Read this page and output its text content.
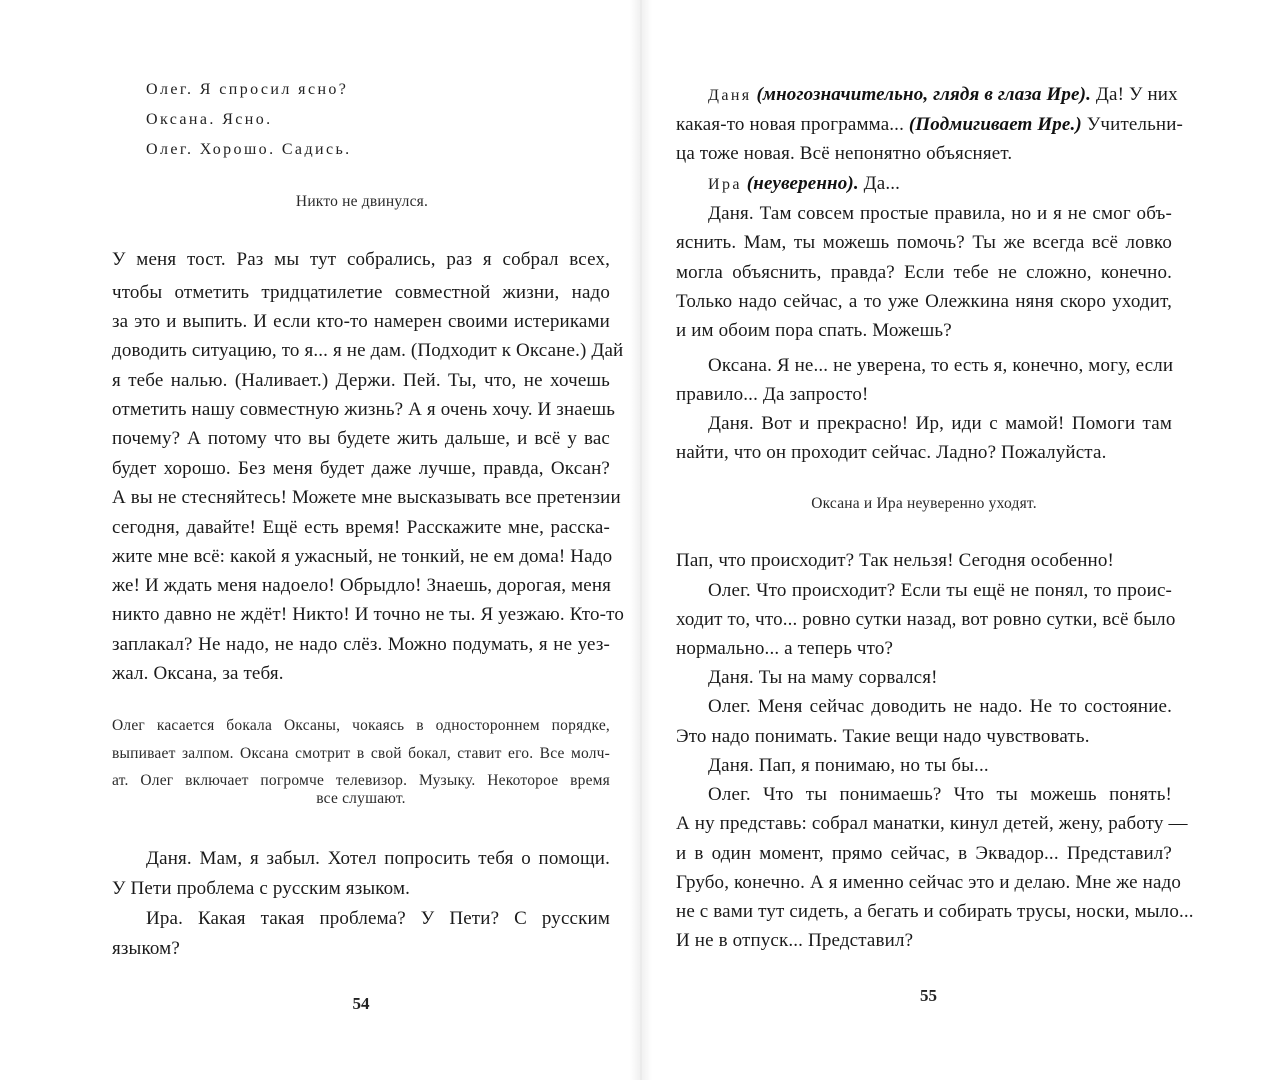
Олег. Я спросил ясно?

Оксана. Ясно.

Олег. Хорошо. Садись.

Никто не двинулся.

У меня тост. Раз мы тут собрались, раз я собрал всех,

чтобы отметить тридцатилетие совместной жизни, надо

за это и выпить. И если кто-то намерен своими истериками

доводить ситуацию, то я... я не дам. (Подходит к Оксане.) Дай

я тебе налью. (Наливает.) Держи. Пей. Ты, что, не хочешь

отметить нашу совместную жизнь? А я очень хочу. И знаешь

почему? А потому что вы будете жить дальше, и всё у вас

будет хорошо. Без меня будет даже лучше, правда, Оксан?

А вы не стесняйтесь! Можете мне высказывать все претензии

сегодня, давайте! Ещё есть время! Расскажите мне, расска-

жите мне всё: какой я ужасный, не тонкий, не ем дома! Надо

же! И ждать меня надоело! Обрыдло! Знаешь, дорогая, меня

никто давно не ждёт! Никто! И точно не ты. Я уезжаю. Кто-то

заплакал? Не надо, не надо слёз. Можно подумать, я не уез-

жал. Оксана, за тебя.

Олег касается бокала Оксаны, чокаясь в одностороннем порядке,

выпивает залпом. Оксана смотрит в свой бокал, ставит его. Все молч-

ат. Олег включает погромче телевизор. Музыку. Некоторое время

все слушают.

Даня. Мам, я забыл. Хотел попросить тебя о помощи.

У Пети проблема с русским языком.

Ира. Какая такая проблема? У Пети? С русским

языком?

54

Даня (многозначительно, глядя в глаза Ире). Да! У них

какая-то новая программа... (Подмигивает Ире.) Учительни-

ца тоже новая. Всё непонятно объясняет.

Ира (неуверенно). Да...

Даня. Там совсем простые правила, но и я не смог объ-

яснить. Мам, ты можешь помочь? Ты же всегда всё ловко

могла объяснить, правда? Если тебе не сложно, конечно.

Только надо сейчас, а то уже Олежкина няня скоро уходит,

и им обоим пора спать. Можешь?

Оксана. Я не... не уверена, то есть я, конечно, могу, если

правило... Да запросто!

Даня. Вот и прекрасно! Ир, иди с мамой! Помоги там

найти, что он проходит сейчас. Ладно? Пожалуйста.

Оксана и Ира неуверенно уходят.

Пап, что происходит? Так нельзя! Сегодня особенно!

Олег. Что происходит? Если ты ещё не понял, то проис-

ходит то, что... ровно сутки назад, вот ровно сутки, всё было

нормально... а теперь что?

Даня. Ты на маму сорвался!

Олег. Меня сейчас доводить не надо. Не то состояние.

Это надо понимать. Такие вещи надо чувствовать.

Даня. Пап, я понимаю, но ты бы...

Олег. Что ты понимаешь? Что ты можешь понять!

А ну представь: собрал манатки, кинул детей, жену, работу —

и в один момент, прямо сейчас, в Эквадор... Представил?

Грубо, конечно. А я именно сейчас это и делаю. Мне же надо

не с вами тут сидеть, а бегать и собирать трусы, носки, мыло...

И не в отпуск... Представил?

55
